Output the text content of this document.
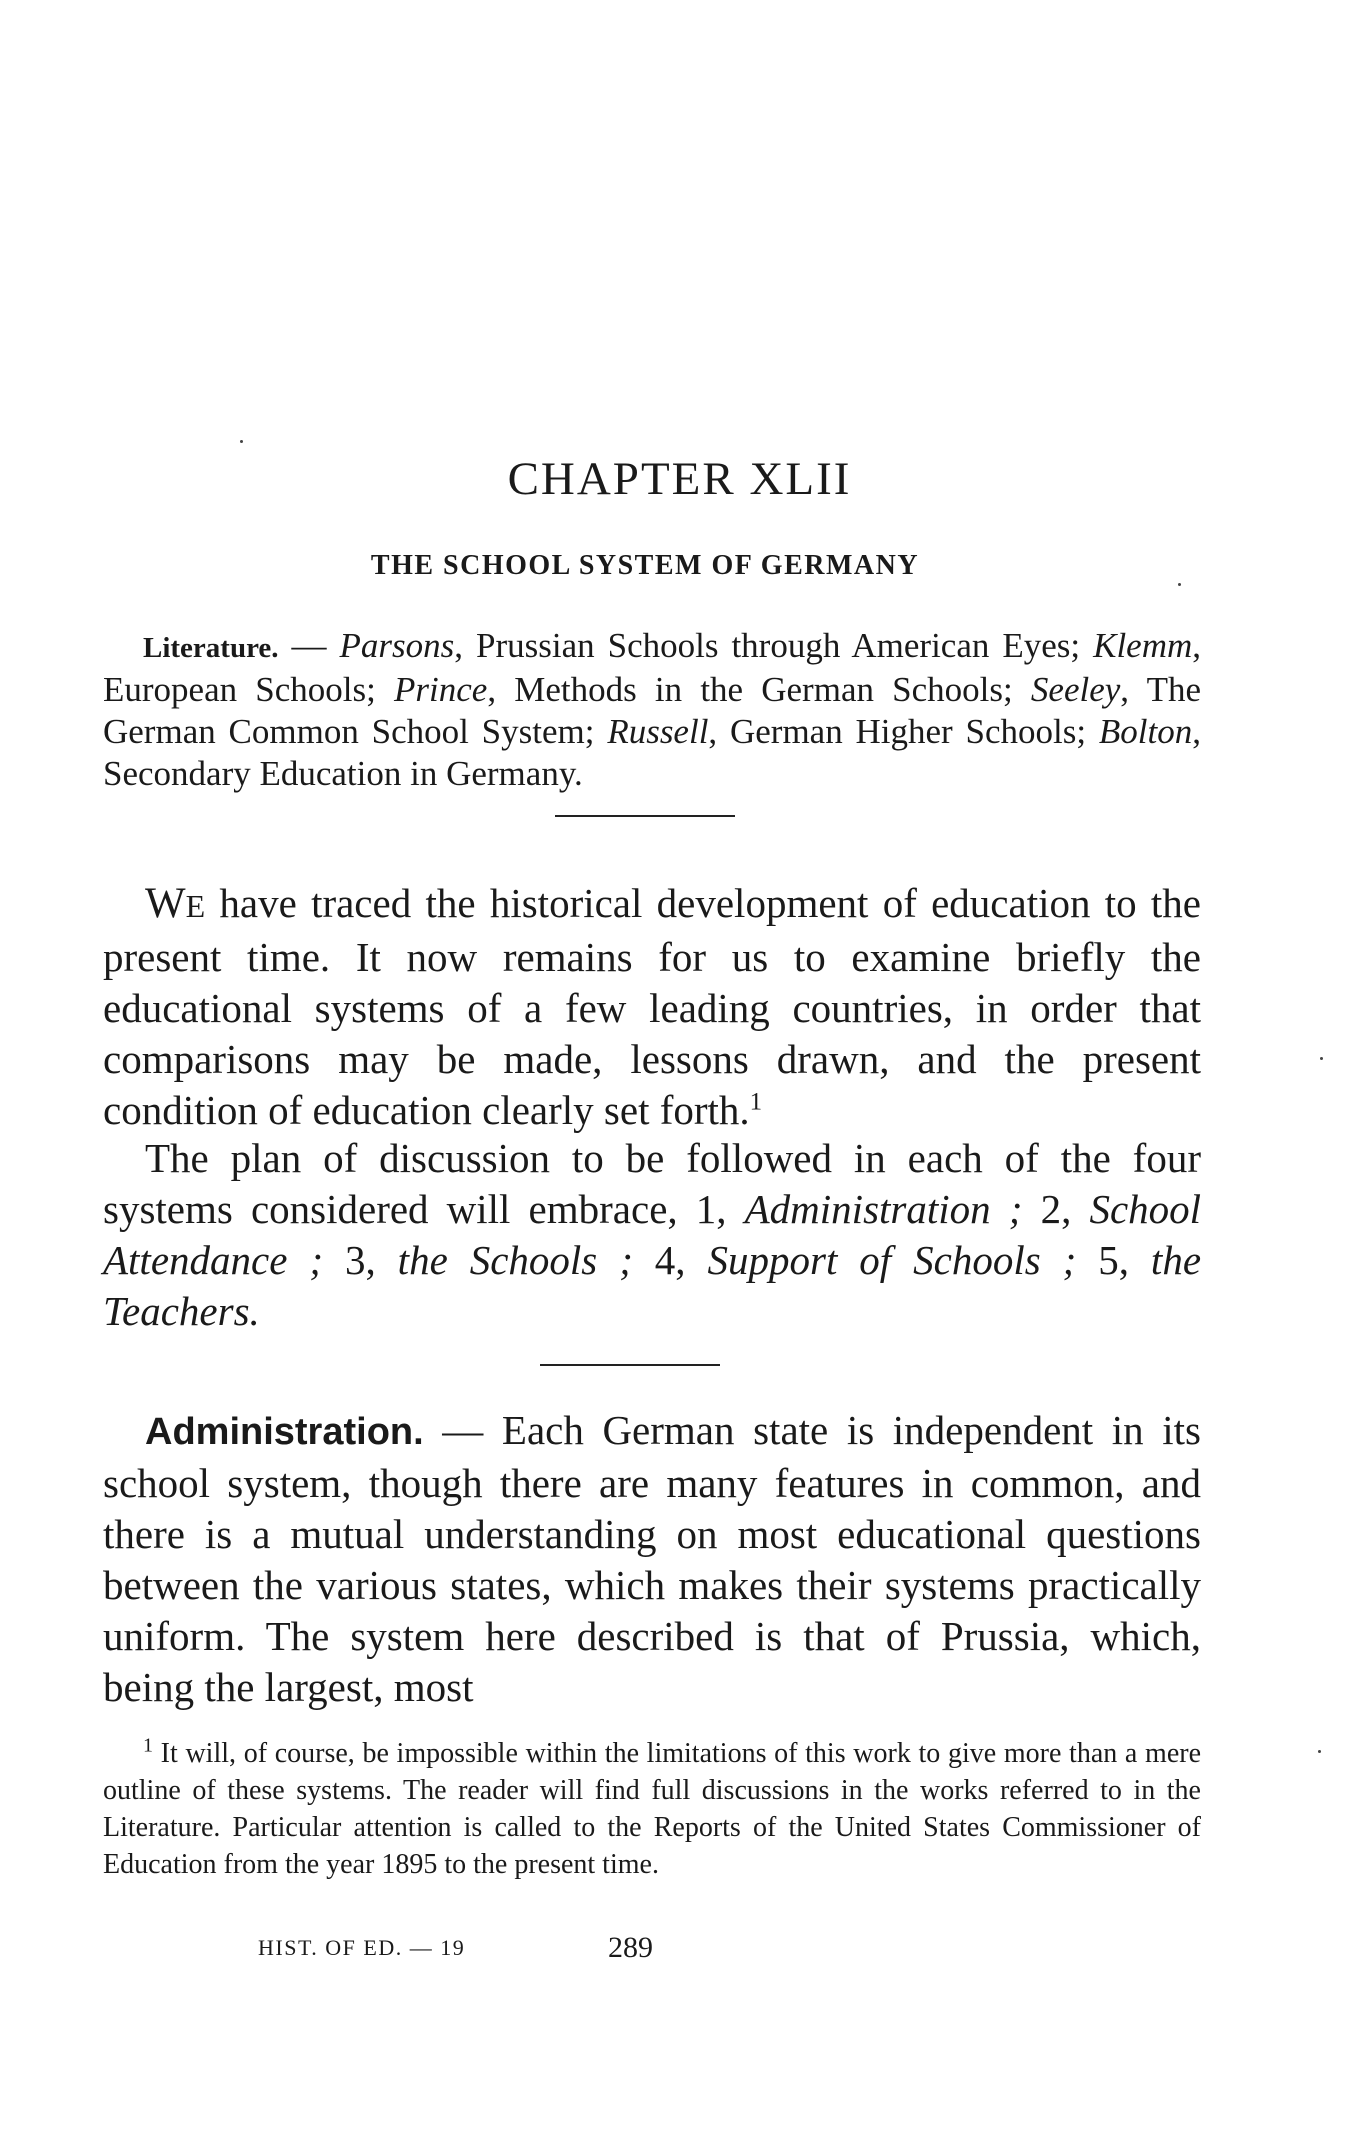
CHAPTER XLII
THE SCHOOL SYSTEM OF GERMANY

Literature. — Parsons, Prussian Schools through American Eyes; Klemm, European Schools; Prince, Methods in the German Schools; Seeley, The German Common School System; Russell, German Higher Schools; Bolton, Secondary Education in Germany.

WE have traced the historical development of education to the present time. It now remains for us to examine briefly the educational systems of a few leading countries, in order that comparisons may be made, lessons drawn, and the present condition of education clearly set forth.$^1$

The plan of discussion to be followed in each of the four systems considered will embrace, 1, Administration ; 2, School Attendance ; 3, the Schools ; 4, Support of Schools ; 5, the Teachers.

Administration. — Each German state is independent in its school system, though there are many features in common, and there is a mutual understanding on most educational questions between the various states, which makes their systems practically uniform. The system here described is that of Prussia, which, being the largest, most

$^1$ It will, of course, be impossible within the limitations of this work to give more than a mere outline of these systems. The reader will find full discussions in the works referred to in the Literature. Particular attention is called to the Reports of the United States Commissioner of Education from the year 1895 to the present time.

HIST. OF ED. — 19	289
